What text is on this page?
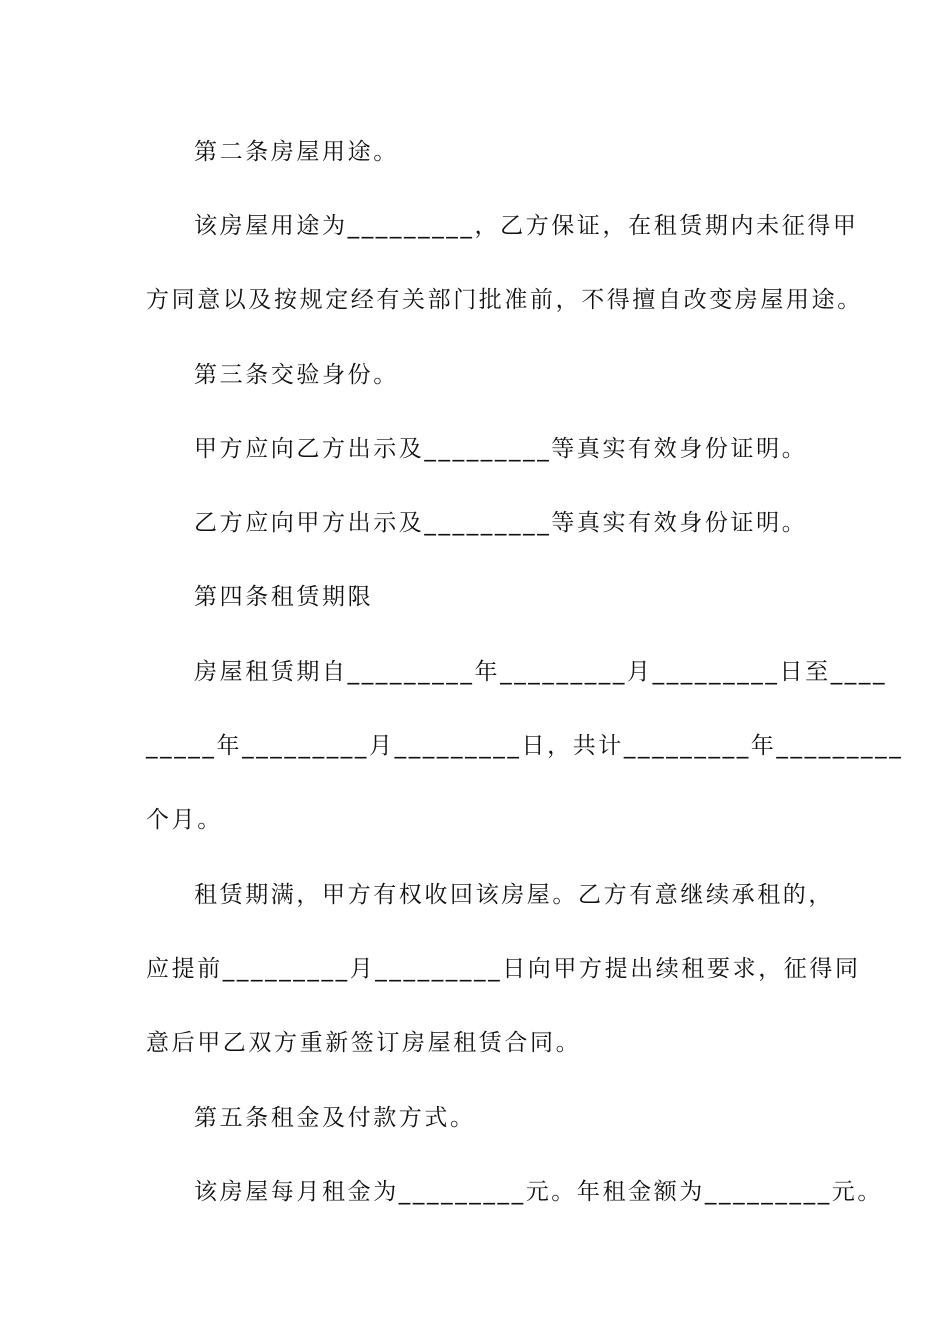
第二条房屋用途。
该房屋用途为_________，乙方保证，在租赁期内未征得甲
方同意以及按规定经有关部门批准前，不得擅自改变房屋用途。
第三条交验身份。
甲方应向乙方出示及_________等真实有效身份证明。
乙方应向甲方出示及_________等真实有效身份证明。
第四条租赁期限
房屋租赁期自_________年_________月_________日至____
_____年_________月_________日，共计_________年_________
个月。
租赁期满，甲方有权收回该房屋。乙方有意继续承租的，
应提前_________月_________日向甲方提出续租要求，征得同
意后甲乙双方重新签订房屋租赁合同。
第五条租金及付款方式。
该房屋每月租金为_________元。年租金额为_________元。
